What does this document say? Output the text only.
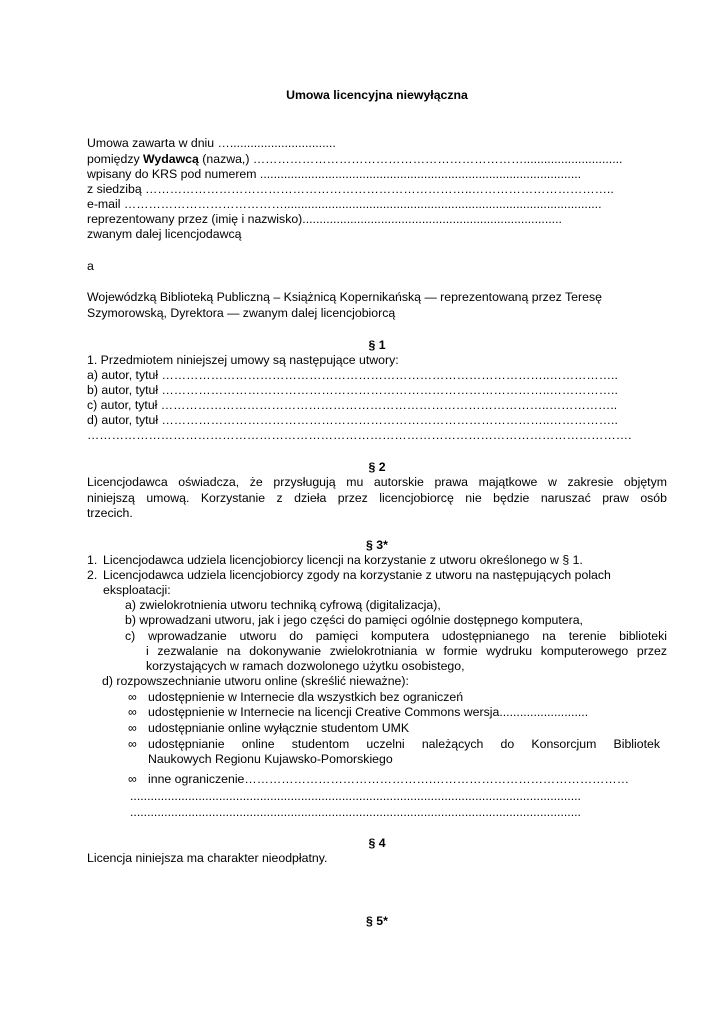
Umowa licencyjna niewyłączna
Umowa zawarta w dniu …...............................
pomiędzy Wydawcą (nazwa,) ………………………………………………………….............................
wpisany do KRS pod numerem ..............................................................................................
z siedzibą ……………………………………………………………………..……………………………..
e-mail ………………………………….............................................................................................
reprezentowany przez (imię i nazwisko)............................................................................
zwanym dalej licencjodawcą
a
Wojewódzką Biblioteką Publiczną – Książnicą Kopernikańską — reprezentowaną przez Teresę
Szymorowską, Dyrektora — zwanym dalej licencjobiorcą
§ 1
1. Przedmiotem niniejszej umowy są następujące utwory:
a) autor, tytuł …………………………………………………………………………………..……………..
b) autor, tytuł …………………………………………………………………………………..……………..
c) autor, tytuł …………………………………………………………………………………..……………..
d) autor, tytuł …………………………………………………………………………………..……………..
…………………………………………………………………………………………………………………….
§ 2
Licencjodawca oświadcza, że przysługują mu autorskie prawa majątkowe w zakresie objętym
niniejszą umową. Korzystanie z dzieła przez licencjobiorcę nie będzie naruszać praw osób
trzecich.
§ 3*
1. Licencjodawca udziela licencjobiorcy licencji na korzystanie z utworu określonego w § 1.
2. Licencjodawca udziela licencjobiorcy zgody na korzystanie z utworu na następujących polach
eksploatacji:
a) zwielokrotnienia utworu techniką cyfrową (digitalizacja),
b) wprowadzani utworu, jak i jego części do pamięci ogólnie dostępnego komputera,
c) wprowadzanie utworu do pamięci komputera udostępnianego na terenie biblioteki
i zezwalanie na dokonywanie zwielokrotniania w formie wydruku komputerowego przez
korzystających w ramach dozwolonego użytku osobistego,
d) rozpowszechnianie utworu online (skreślić nieważne):
∞ udostępnienie w Internecie dla wszystkich bez ograniczeń
∞ udostępnienie w Internecie na licencji Creative Commons wersja..........................
∞ udostępnianie online wyłącznie studentom UMK
∞ udostępnianie online studentom uczelni należących do Konsorcjum Bibliotek
Naukowych Regionu Kujawsko-Pomorskiego
∞ inne ograniczenie……………………………………….…………………………………………
....................................................................................................................................
....................................................................................................................................
§ 4
Licencja niniejsza ma charakter nieodpłatny.
§ 5*
